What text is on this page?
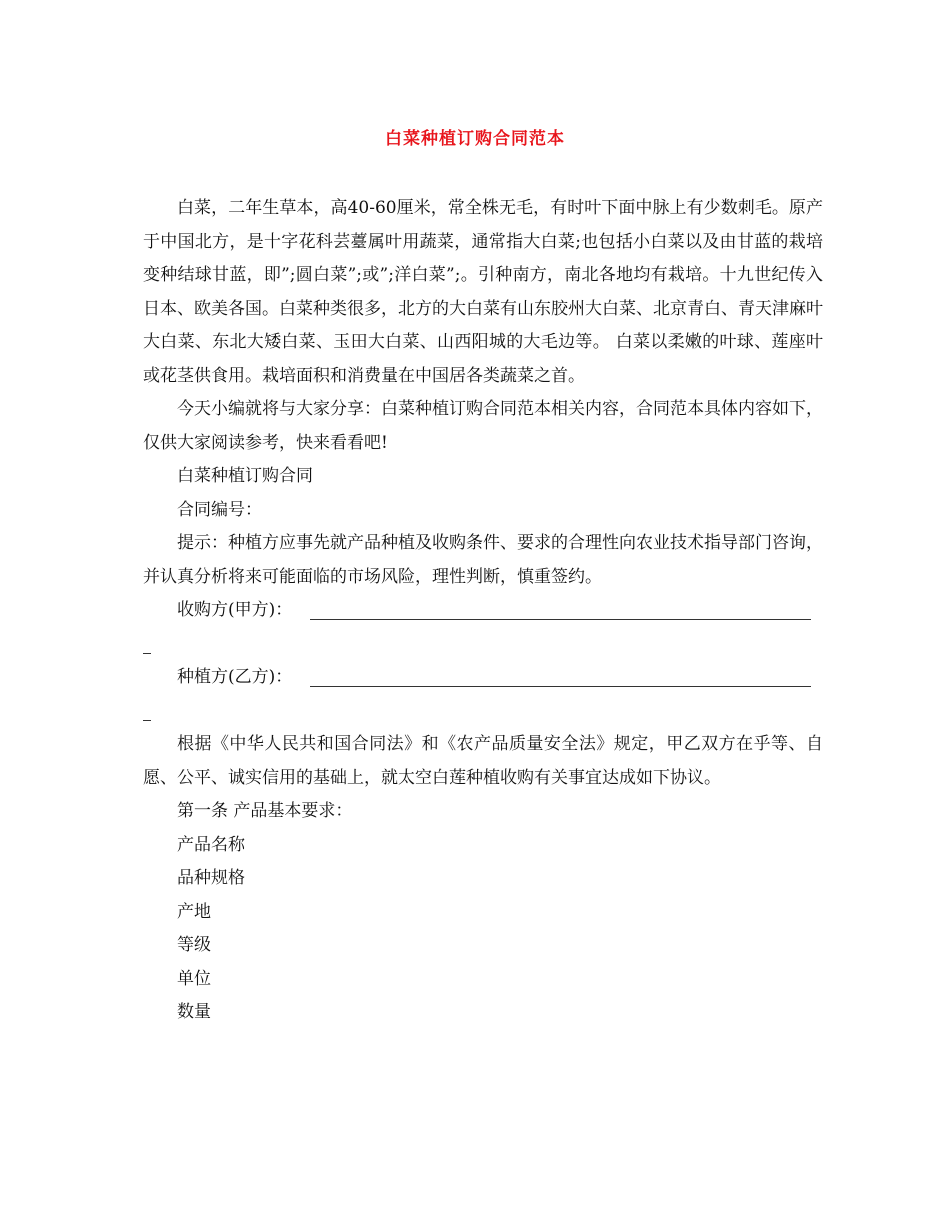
白菜种植订购合同范本

白菜，二年生草本，高40-60厘米，常全株无毛，有时叶下面中脉上有少数刺毛。原产于中国北方，是十字花科芸薹属叶用蔬菜，通常指大白菜;也包括小白菜以及由甘蓝的栽培变种结球甘蓝，即”;圆白菜”;或”;洋白菜”;。引种南方，南北各地均有栽培。十九世纪传入日本、欧美各国。白菜种类很多，北方的大白菜有山东胶州大白菜、北京青白、青天津麻叶大白菜、东北大矮白菜、玉田大白菜、山西阳城的大毛边等。 白菜以柔嫩的叶球、莲座叶或花茎供食用。栽培面积和消费量在中国居各类蔬菜之首。

今天小编就将与大家分享：白菜种植订购合同范本相关内容，合同范本具体内容如下，仅供大家阅读参考，快来看看吧!

白菜种植订购合同

合同编号：

提示：种植方应事先就产品种植及收购条件、要求的合理性向农业技术指导部门咨询，并认真分析将来可能面临的市场风险，理性判断，慎重签约。

收购方(甲方)：
种植方(乙方)：

根据《中华人民共和国合同法》和《农产品质量安全法》规定，甲乙双方在乎等、自愿、公平、诚实信用的基础上，就太空白莲种植收购有关事宜达成如下协议。

第一条 产品基本要求：

产品名称

品种规格

产地

等级

单位

数量
